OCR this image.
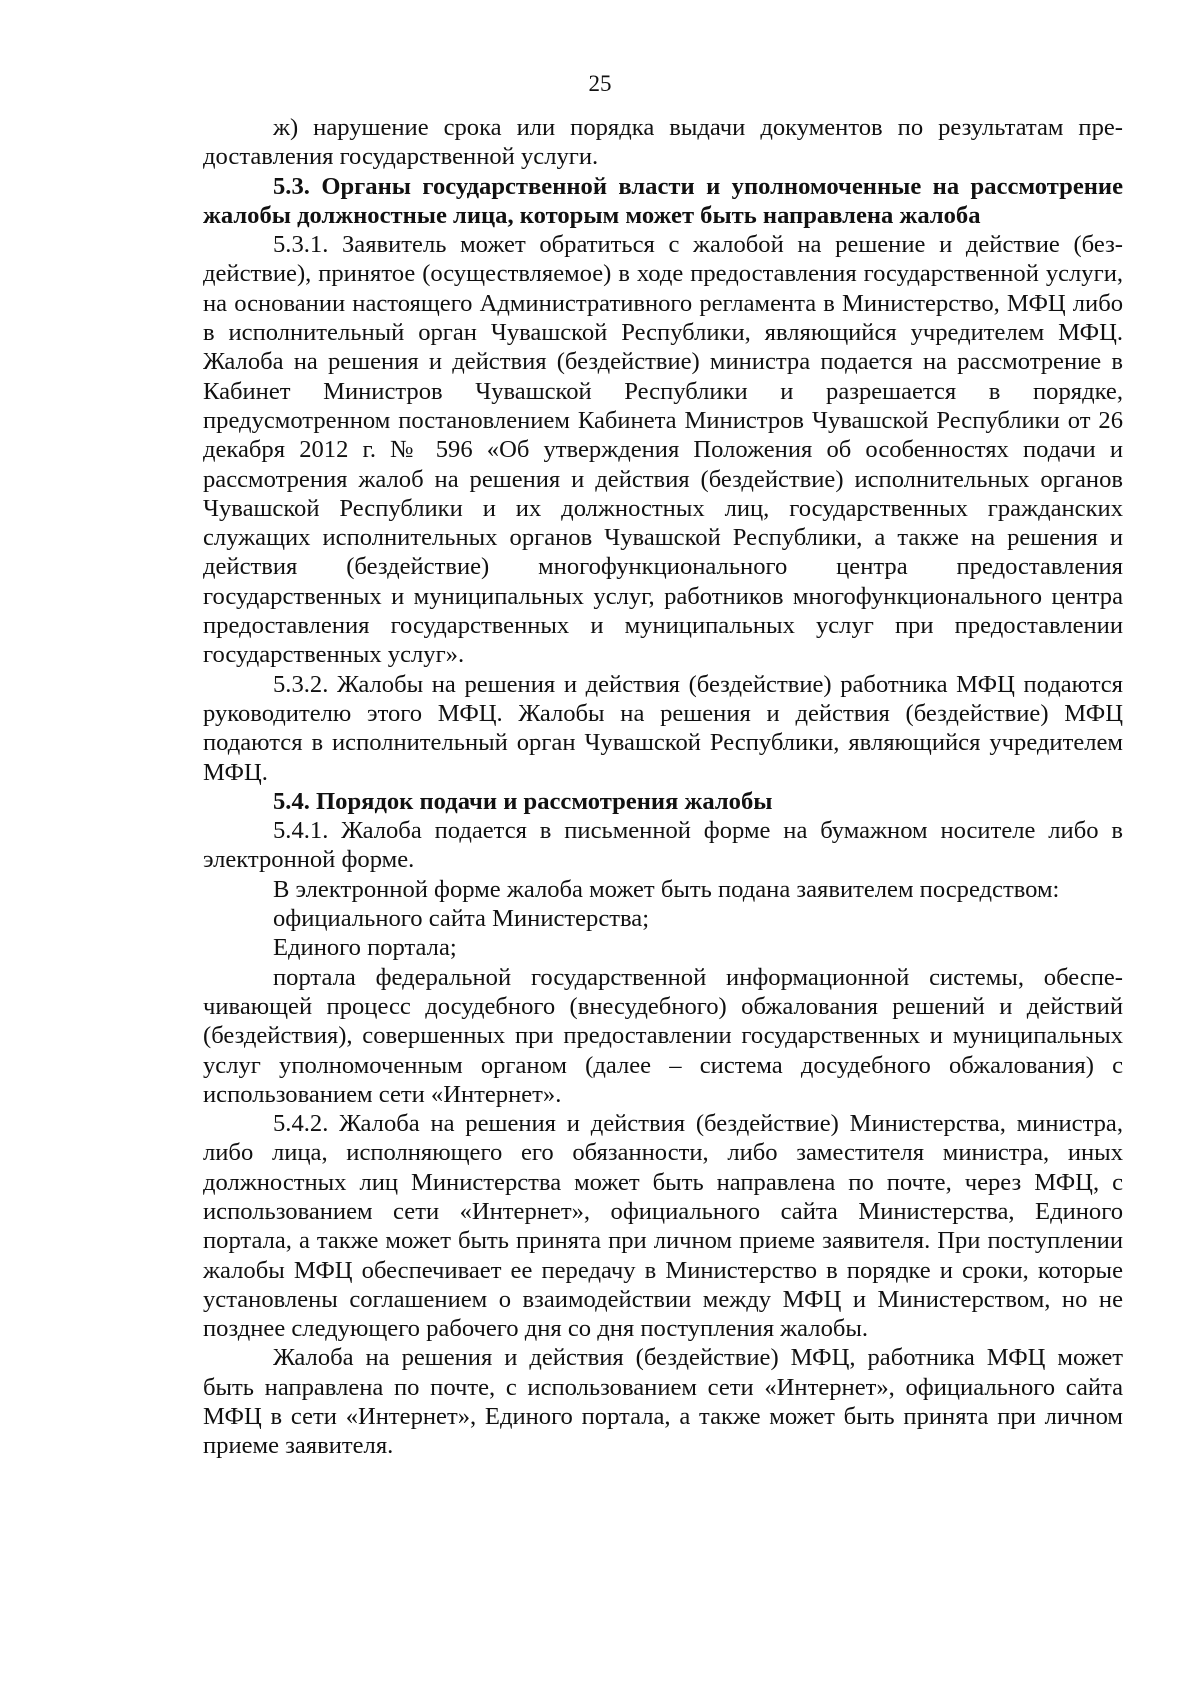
25

ж) нарушение срока или порядка выдачи документов по результатам предоставления государственной услуги.

5.3. Органы государственной власти и уполномоченные на рассмотрение жалобы должностные лица, которым может быть направлена жалоба

5.3.1. Заявитель может обратиться с жалобой на решение и действие (бездействие), принятое (осуществляемое) в ходе предоставления государственной услуги, на основании настоящего Административного регламента в Министерство, МФЦ либо в исполнительный орган Чувашской Республики, являющийся учредителем МФЦ. Жалоба на решения и действия (бездействие) министра подается на рассмотрение в Кабинет Министров Чувашской Республики и разрешается в порядке, предусмотренном постановлением Кабинета Министров Чувашской Республики от 26 декабря 2012 г. № 596 «Об утверждения Положения об особенностях подачи и рассмотрения жалоб на решения и действия (бездействие) исполнительных органов Чувашской Республики и их должностных лиц, государственных гражданских служащих исполнительных органов Чувашской Республики, а также на решения и действия (бездействие) многофункционального центра предоставления государственных и муниципальных услуг, работников многофункционального центра предоставления государственных и муниципальных услуг при предоставлении государственных услуг».

5.3.2. Жалобы на решения и действия (бездействие) работника МФЦ подаются руководителю этого МФЦ. Жалобы на решения и действия (бездействие) МФЦ подаются в исполнительный орган Чувашской Республики, являющийся учредителем МФЦ.

5.4. Порядок подачи и рассмотрения жалобы

5.4.1. Жалоба подается в письменной форме на бумажном носителе либо в электронной форме.

В электронной форме жалоба может быть подана заявителем посредством:

официального сайта Министерства;

Единого портала;

портала федеральной государственной информационной системы, обеспечивающей процесс досудебного (внесудебного) обжалования решений и действий (бездействия), совершенных при предоставлении государственных и муниципальных услуг уполномоченным органом (далее – система досудебного обжалования) с использованием сети «Интернет».

5.4.2. Жалоба на решения и действия (бездействие) Министерства, министра, либо лица, исполняющего его обязанности, либо заместителя министра, иных должностных лиц Министерства может быть направлена по почте, через МФЦ, с использованием сети «Интернет», официального сайта Министерства, Единого портала, а также может быть принята при личном приеме заявителя. При поступлении жалобы МФЦ обеспечивает ее передачу в Министерство в порядке и сроки, которые установлены соглашением о взаимодействии между МФЦ и Министерством, но не позднее следующего рабочего дня со дня поступления жалобы.

Жалоба на решения и действия (бездействие) МФЦ, работника МФЦ может быть направлена по почте, с использованием сети «Интернет», официального сайта МФЦ в сети «Интернет», Единого портала, а также может быть принята при личном приеме заявителя.
